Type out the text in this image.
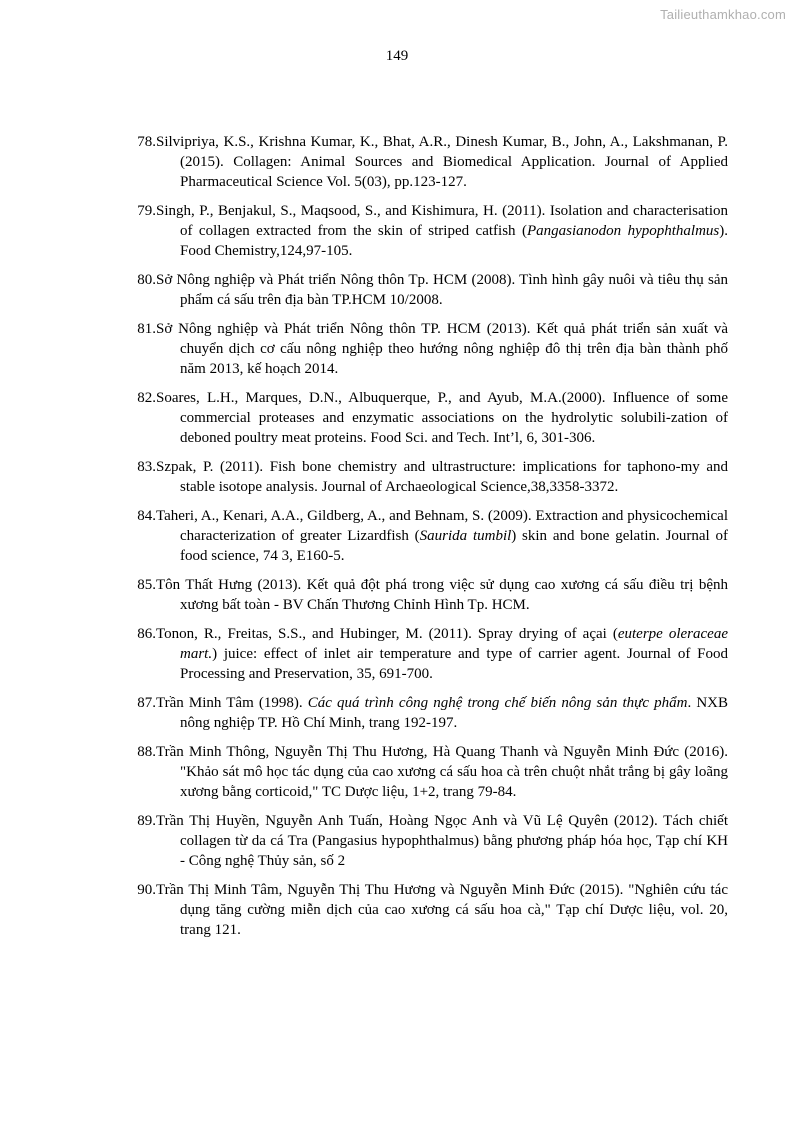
Tailieuthamkhao.com
149
78. Silvipriya, K.S., Krishna Kumar, K., Bhat, A.R., Dinesh Kumar, B., John, A., Lakshmanan, P.(2015). Collagen: Animal Sources and Biomedical Application. Journal of Applied Pharmaceutical Science Vol. 5(03), pp.123-127.
79. Singh, P., Benjakul, S., Maqsood, S., and Kishimura, H. (2011). Isolation and characterisation of collagen extracted from the skin of striped catfish (Pangasianodon hypophthalmus). Food Chemistry,124,97-105.
80. Sở Nông nghiệp và Phát triển Nông thôn Tp. HCM (2008). Tình hình gây nuôi và tiêu thụ sản phẩm cá sấu trên địa bàn TP.HCM 10/2008.
81. Sở Nông nghiệp và Phát triển Nông thôn TP. HCM (2013). Kết quả phát triển sản xuất và chuyển dịch cơ cấu nông nghiệp theo hướng nông nghiệp đô thị trên địa bàn thành phố năm 2013, kế hoạch 2014.
82. Soares, L.H., Marques, D.N., Albuquerque, P., and Ayub, M.A.(2000). Influence of some commercial proteases and enzymatic associations on the hydrolytic solubili-zation of deboned poultry meat proteins. Food Sci. and Tech. Int’l, 6, 301-306.
83. Szpak, P. (2011). Fish bone chemistry and ultrastructure: implications for taphono-my and stable isotope analysis. Journal of Archaeological Science,38,3358-3372.
84. Taheri, A., Kenari, A.A., Gildberg, A., and Behnam, S. (2009). Extraction and physicochemical characterization of greater Lizardfish (Saurida tumbil) skin and bone gelatin. Journal of food science, 74 3, E160-5.
85. Tôn Thất Hưng (2013). Kết quả đột phá trong việc sử dụng cao xương cá sấu điều trị bệnh xương bất toàn - BV Chấn Thương Chỉnh Hình Tp. HCM.
86. Tonon, R., Freitas, S.S., and Hubinger, M. (2011). Spray drying of açai (euterpe oleraceae mart.) juice: effect of inlet air temperature and type of carrier agent. Journal of Food Processing and Preservation, 35, 691-700.
87. Trần Minh Tâm (1998). Các quá trình công nghệ trong chế biến nông sản thực phẩm. NXB nông nghiệp TP. Hồ Chí Minh, trang 192-197.
88. Trần Minh Thông, Nguyễn Thị Thu Hương, Hà Quang Thanh và Nguyễn Minh Đức (2016). "Khảo sát mô học tác dụng của cao xương cá sấu hoa cà trên chuột nhắt trắng bị gây loãng xương bằng corticoid," TC Dược liệu, 1+2, trang 79-84.
89. Trần Thị Huyền, Nguyễn Anh Tuấn, Hoàng Ngọc Anh và Vũ Lệ Quyên (2012). Tách chiết collagen từ da cá Tra (Pangasius hypophthalmus) bằng phương pháp hóa học, Tạp chí KH - Công nghệ Thủy sản, số 2
90. Trần Thị Minh Tâm, Nguyễn Thị Thu Hương và Nguyễn Minh Đức (2015). "Nghiên cứu tác dụng tăng cường miễn dịch của cao xương cá sấu hoa cà," Tạp chí Dược liệu, vol. 20, trang 121.
